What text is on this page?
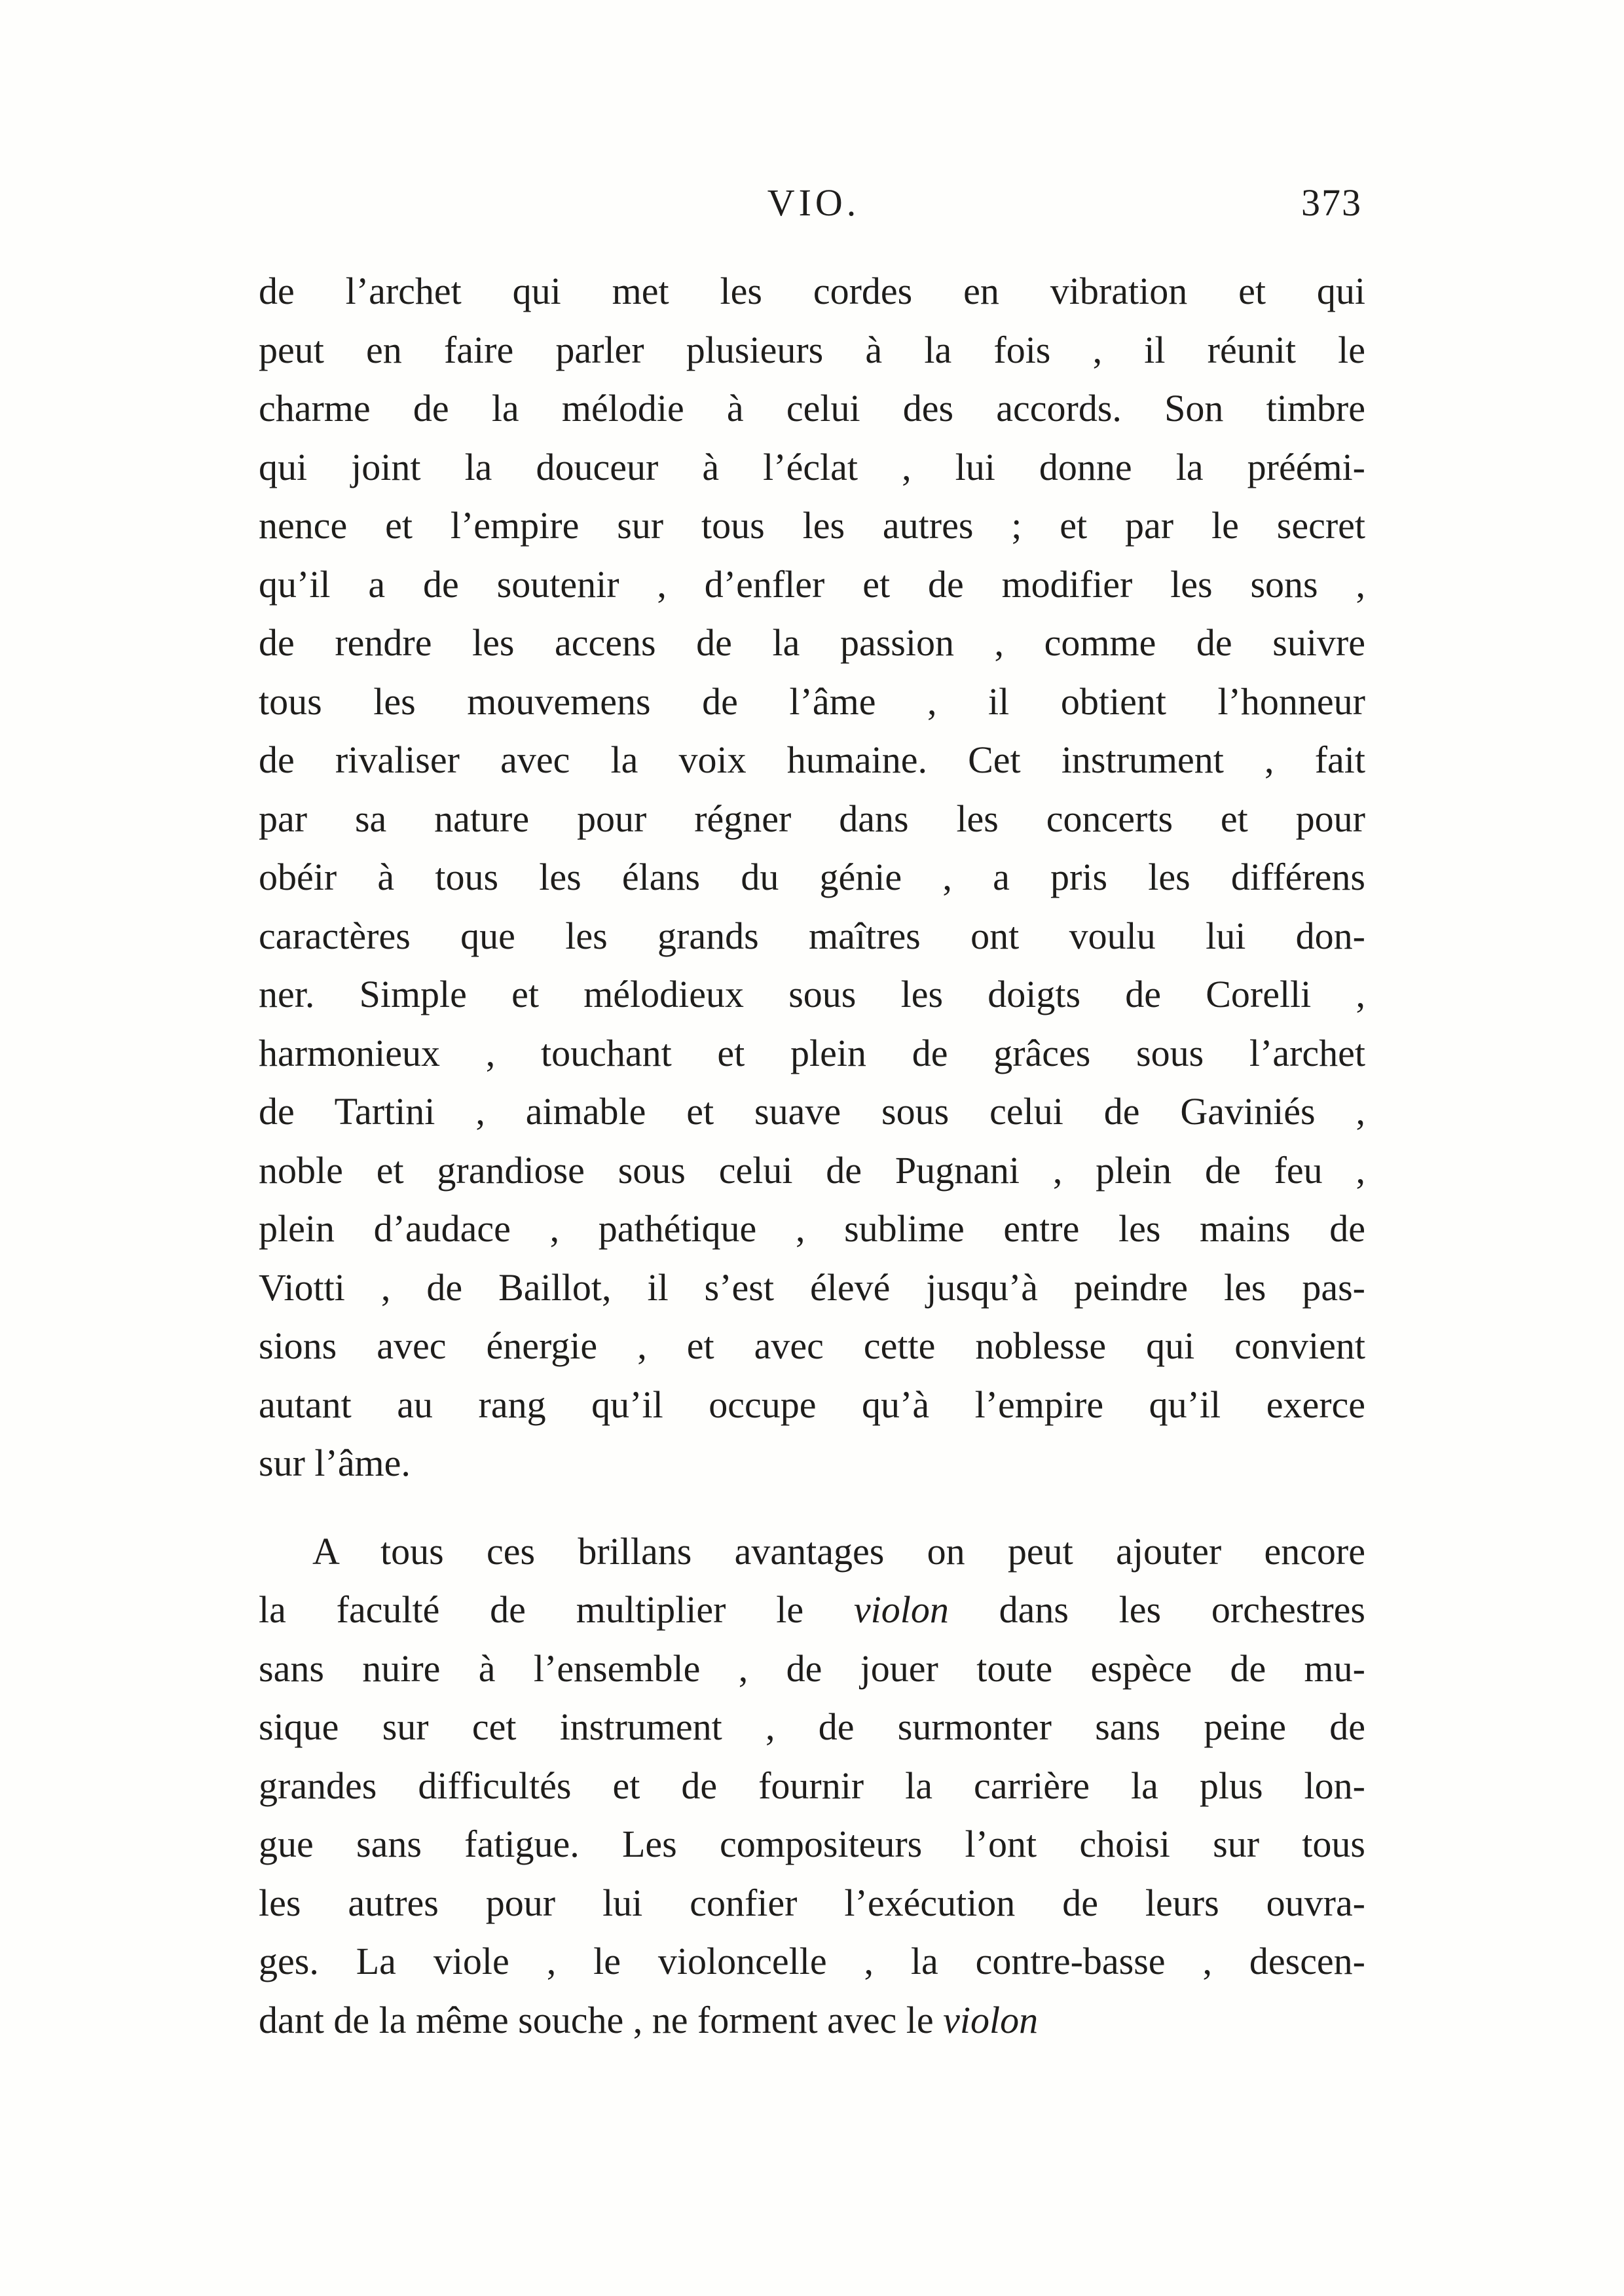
VIO.	373
de l’archet qui met les cordes en vibration et qui
peut en faire parler plusieurs à la fois , il réunit le
charme de la mélodie à celui des accords. Son timbre
qui joint la douceur à l’éclat , lui donne la préémi-
nence et l’empire sur tous les autres ; et par le secret
qu’il a de soutenir , d’enfler et de modifier les sons ,
de rendre les accens de la passion , comme de suivre
tous les mouvemens de l’âme , il obtient l’honneur
de rivaliser avec la voix humaine. Cet instrument , fait
par sa nature pour régner dans les concerts et pour
obéir à tous les élans du génie , a pris les différens
caractères que les grands maîtres ont voulu lui don-
ner. Simple et mélodieux sous les doigts de Corelli ,
harmonieux , touchant et plein de grâces sous l’archet
de Tartini , aimable et suave sous celui de Gaviniés ,
noble et grandiose sous celui de Pugnani , plein de feu ,
plein d’audace , pathétique , sublime entre les mains de
Viotti , de Baillot, il s’est élevé jusqu’à peindre les pas-
sions avec énergie , et avec cette noblesse qui convient
autant au rang qu’il occupe qu’à l’empire qu’il exerce
sur l’âme.
A tous ces brillans avantages on peut ajouter encore
la faculté de multiplier le violon dans les orchestres
sans nuire à l’ensemble , de jouer toute espèce de mu-
sique sur cet instrument , de surmonter sans peine de
grandes difficultés et de fournir la carrière la plus lon-
gue sans fatigue. Les compositeurs l’ont choisi sur tous
les autres pour lui confier l’exécution de leurs ouvra-
ges. La viole , le violoncelle , la contre-basse , descen-
dant de la même souche , ne forment avec le violon
